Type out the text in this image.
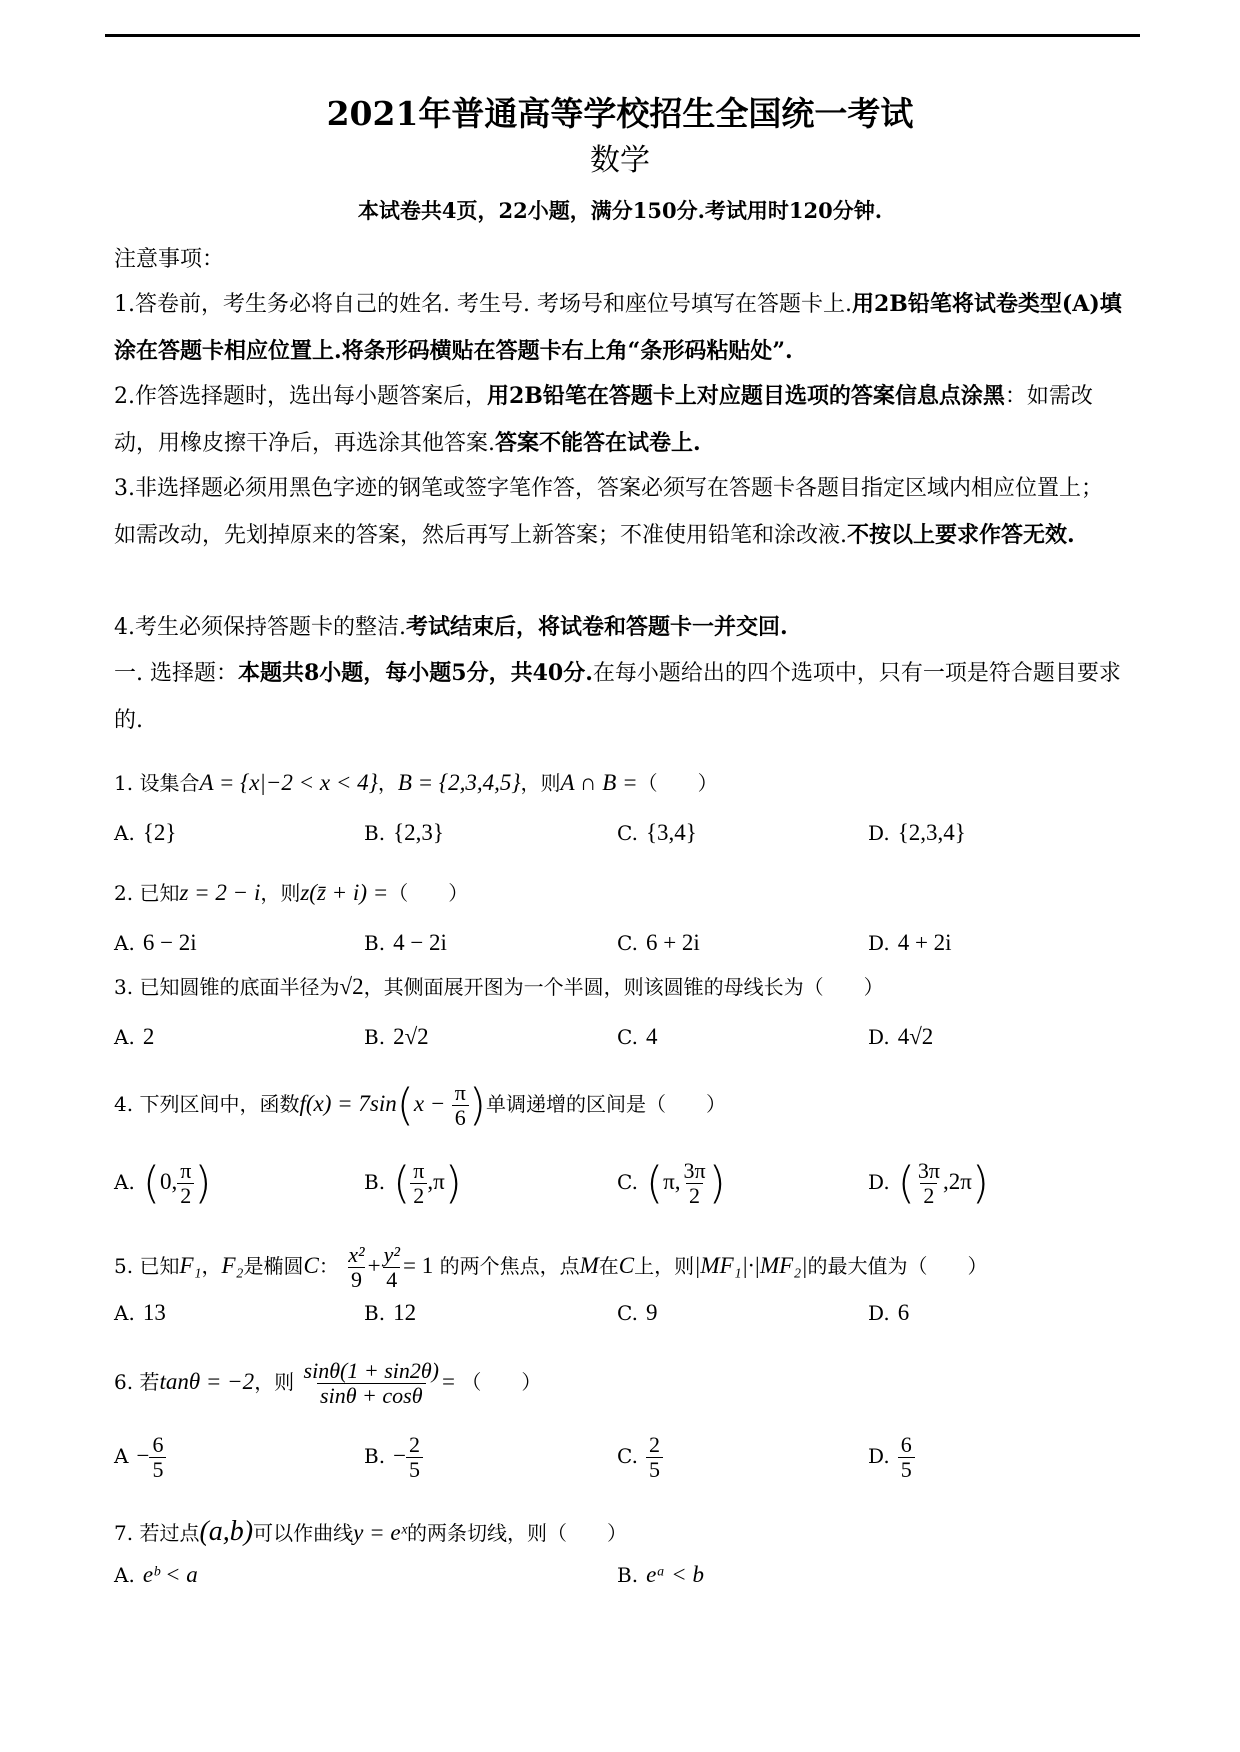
2021年普通高等学校招生全国统一考试
数学
本试卷共4页，22小题，满分150分.考试用时120分钟.
注意事项：
1.答卷前，考生务必将自己的姓名. 考生号. 考场号和座位号填写在答题卡上.用2B铅笔将试卷类型(A)填涂在答题卡相应位置上.将条形码横贴在答题卡右上角“条形码粘贴处”.
2.作答选择题时，选出每小题答案后，用2B铅笔在答题卡上对应题目选项的答案信息点涂黑：如需改动，用橡皮擦干净后，再选涂其他答案.答案不能答在试卷上.
3.非选择题必须用黑色字迹的钢笔或签字笔作答，答案必须写在答题卡各题目指定区域内相应位置上；如需改动，先划掉原来的答案，然后再写上新答案；不准使用铅笔和涂改液.不按以上要求作答无效.
4.考生必须保持答题卡的整洁.考试结束后，将试卷和答题卡一并交回.
一. 选择题：本题共8小题，每小题5分，共40分.在每小题给出的四个选项中，只有一项是符合题目要求的.
1. 设集合A = {x|−2 < x < 4}，B = {2,3,4,5}，则A ∩ B =（　　）
A. {2}	B. {2,3}	C. {3,4}	D. {2,3,4}
2. 已知z = 2 − i，则z(z̄ + i) =（　　）
A. 6 − 2i	B. 4 − 2i	C. 6 + 2i	D. 4 + 2i
3. 已知圆锥的底面半径为√2，其侧面展开图为一个半圆，则该圆锥的母线长为（　　）
A. 2	B. 2√2	C. 4	D. 4√2
4. 下列区间中，函数$f(x) = 7\sin(x - \frac{\pi}{6}$ )单调递增的区间是（　　）
A. (0, $\frac{\pi}{2}$ )	B. ( $\frac{\pi}{2} ,\pi$)	C. (π, $\frac{3\pi}{2}$ )	D. ( $\frac{3\pi}{2} ,2\pi$)
5. 已知F₁，F₂是椭圆C： $\frac{\text{x²}}{9} + \frac{\text{y²}}{4} = 1$ 的两个焦点，点M在C上，则|MF₁|·|MF₂|的最大值为（　　）
A. 13	B. 12	C. 9	D. 6
6. 若tanθ = −2，则 $\frac{\sin\theta(1 + \sin 2\theta)}{\sin\theta + \cos\theta}$ = （　　）
$A - \frac{6}{5}$	B. − $\frac{2}{5}$	C. $\frac{2}{5}$	D. $\frac{6}{5}$
7. 若过点(a,b)可以作曲线y = eˣ的两条切线，则（　　）
A. eᵇ < a	B. eᵃ < b
